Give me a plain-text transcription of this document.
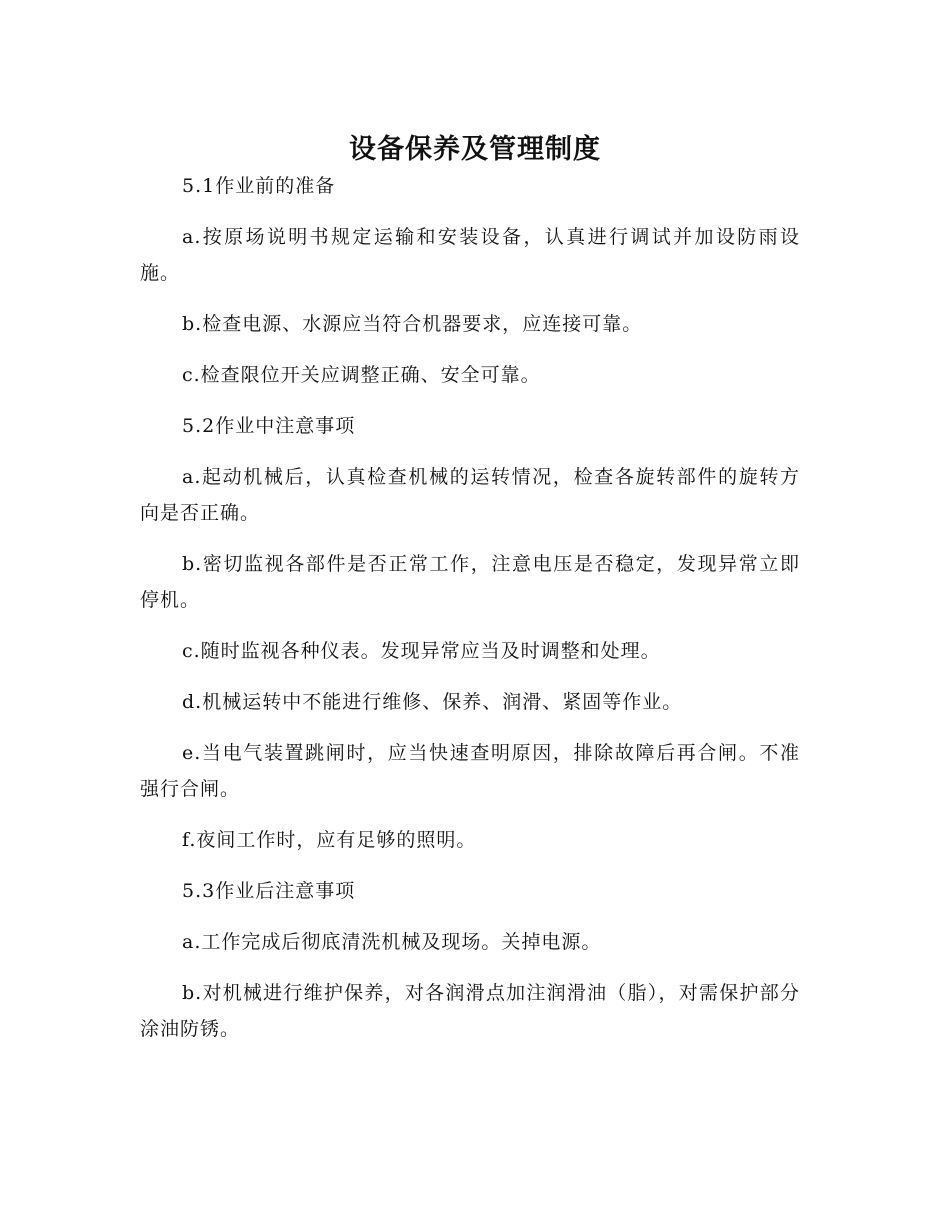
设备保养及管理制度

5.1作业前的准备

a.按原场说明书规定运输和安装设备，认真进行调试并加设防雨设施。

b.检查电源、水源应当符合机器要求，应连接可靠。

c.检查限位开关应调整正确、安全可靠。

5.2作业中注意事项

a.起动机械后，认真检查机械的运转情况，检查各旋转部件的旋转方向是否正确。

b.密切监视各部件是否正常工作，注意电压是否稳定，发现异常立即停机。

c.随时监视各种仪表。发现异常应当及时调整和处理。

d.机械运转中不能进行维修、保养、润滑、紧固等作业。

e.当电气装置跳闸时，应当快速查明原因，排除故障后再合闸。不准强行合闸。

f.夜间工作时，应有足够的照明。

5.3作业后注意事项

a.工作完成后彻底清洗机械及现场。关掉电源。

b.对机械进行维护保养，对各润滑点加注润滑油（脂），对需保护部分涂油防锈。
